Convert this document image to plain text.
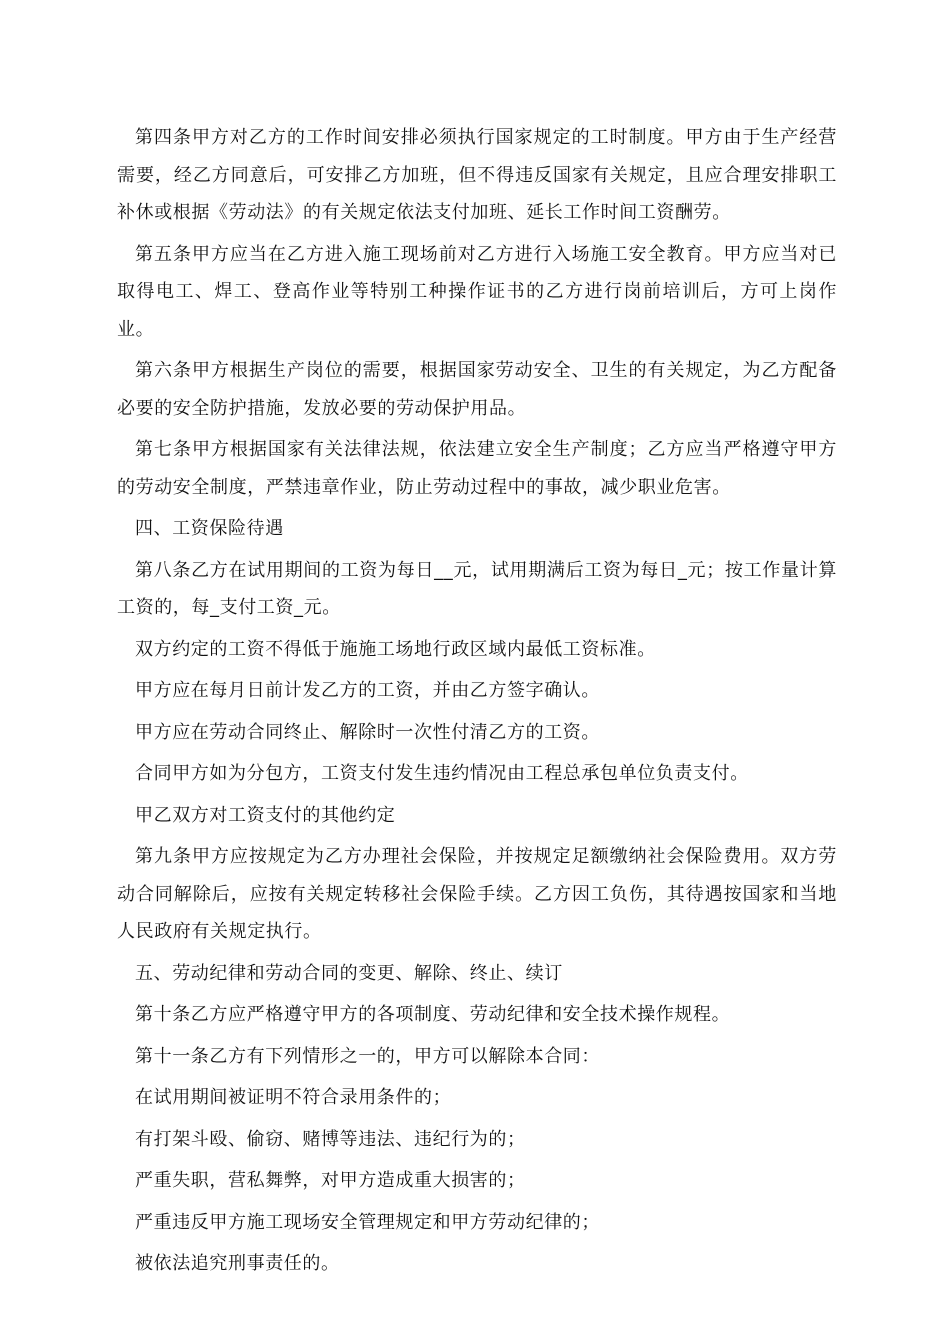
第四条甲方对乙方的工作时间安排必须执行国家规定的工时制度。甲方由于生产经营需要，经乙方同意后，可安排乙方加班，但不得违反国家有关规定，且应合理安排职工补休或根据《劳动法》的有关规定依法支付加班、延长工作时间工资酬劳。

第五条甲方应当在乙方进入施工现场前对乙方进行入场施工安全教育。甲方应当对已取得电工、焊工、登高作业等特别工种操作证书的乙方进行岗前培训后，方可上岗作业。

第六条甲方根据生产岗位的需要，根据国家劳动安全、卫生的有关规定，为乙方配备必要的安全防护措施，发放必要的劳动保护用品。

第七条甲方根据国家有关法律法规，依法建立安全生产制度；乙方应当严格遵守甲方的劳动安全制度，严禁违章作业，防止劳动过程中的事故，减少职业危害。

四、工资保险待遇

第八条乙方在试用期间的工资为每日__元，试用期满后工资为每日_元；按工作量计算工资的，每_支付工资_元。

双方约定的工资不得低于施施工场地行政区域内最低工资标准。

甲方应在每月日前计发乙方的工资，并由乙方签字确认。

甲方应在劳动合同终止、解除时一次性付清乙方的工资。

合同甲方如为分包方，工资支付发生违约情况由工程总承包单位负责支付。

甲乙双方对工资支付的其他约定

第九条甲方应按规定为乙方办理社会保险，并按规定足额缴纳社会保险费用。双方劳动合同解除后，应按有关规定转移社会保险手续。乙方因工负伤，其待遇按国家和当地人民政府有关规定执行。

五、劳动纪律和劳动合同的变更、解除、终止、续订

第十条乙方应严格遵守甲方的各项制度、劳动纪律和安全技术操作规程。

第十一条乙方有下列情形之一的，甲方可以解除本合同：

在试用期间被证明不符合录用条件的；

有打架斗殴、偷窃、赌博等违法、违纪行为的；

严重失职，营私舞弊，对甲方造成重大损害的；

严重违反甲方施工现场安全管理规定和甲方劳动纪律的；

被依法追究刑事责任的。
